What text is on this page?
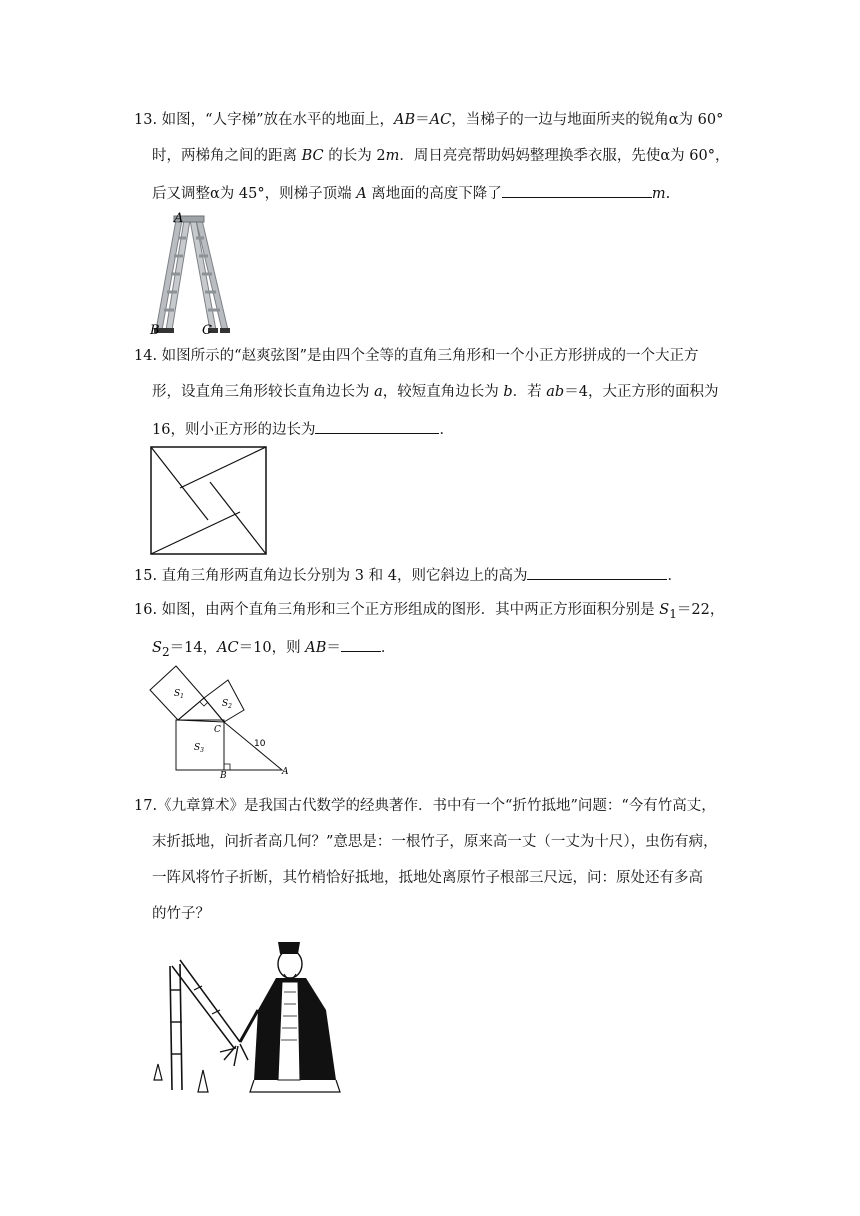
13. 如图，“人字梯”放在水平的地面上，AB＝AC，当梯子的一边与地面所夹的锐角α为 60°
时，两梯角之间的距离 BC 的长为 2m．周日亮亮帮助妈妈整理换季衣服，先使α为 60°，
后又调整α为 45°，则梯子顶端 A 离地面的高度下降了	m.
A
B	C
14. 如图所示的“赵爽弦图”是由四个全等的直角三角形和一个小正方形拼成的一个大正方
形，设直角三角形较长直角边长为 a，较短直角边长为 b．若 ab＝4，大正方形的面积为
16，则小正方形的边长为	．
15. 直角三角形两直角边长分别为 3 和 4，则它斜边上的高为	．
16. 如图，由两个直角三角形和三个正方形组成的图形．其中两正方形面积分别是 $S_1=22$，
$S_2=14$，AC＝10，则 AB＝	．
$S_1$
$S_2$
$S_3$
C
B	A
10
17.《九章算术》是我国古代数学的经典著作．书中有一个“折竹抵地”问题：“今有竹高丈，
末折抵地，问折者高几何？”意思是：一根竹子，原来高一丈（一丈为十尺），虫伤有病，
一阵风将竹子折断，其竹梢恰好抵地，抵地处离原竹子根部三尺远，问：原处还有多高
的竹子？
